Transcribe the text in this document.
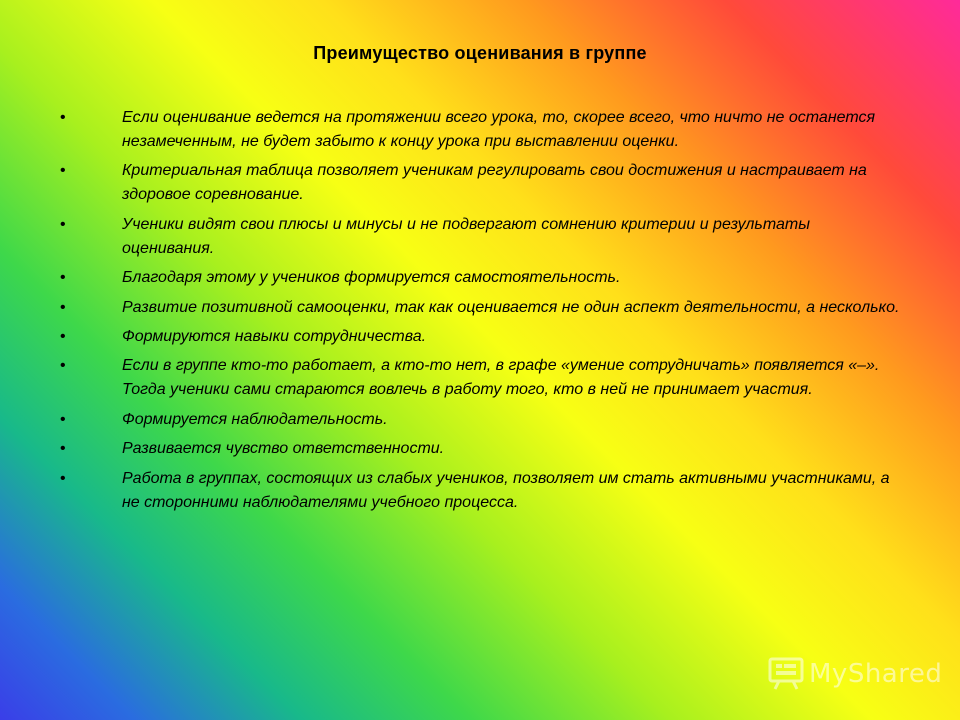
Преимущество оценивания в группе
•	Если оценивание ведется на протяжении всего урока, то, скорее всего, что ничто не останется незамеченным, не будет забыто к концу урока при выставлении оценки.
•	Критериальная таблица позволяет ученикам регулировать свои достижения и настраивает на здоровое соревнование.
•	Ученики видят свои плюсы и минусы и не подвергают сомнению критерии и результаты оценивания.
•	Благодаря этому у учеников формируется самостоятельность.
•	Развитие позитивной самооценки, так как оценивается не один аспект деятельности, а несколько.
•	Формируются навыки сотрудничества.
•	Если в группе кто-то работает, а кто-то нет, в графе «умение сотрудничать» появляется «–». Тогда ученики сами стараются вовлечь в работу того, кто в ней не принимает участия.
•	Формируется наблюдательность.
•	Развивается чувство ответственности.
•	Работа в группах, состоящих из слабых учеников, позволяет им стать активными участниками, а не сторонними наблюдателями учебного процесса.
MyShared
